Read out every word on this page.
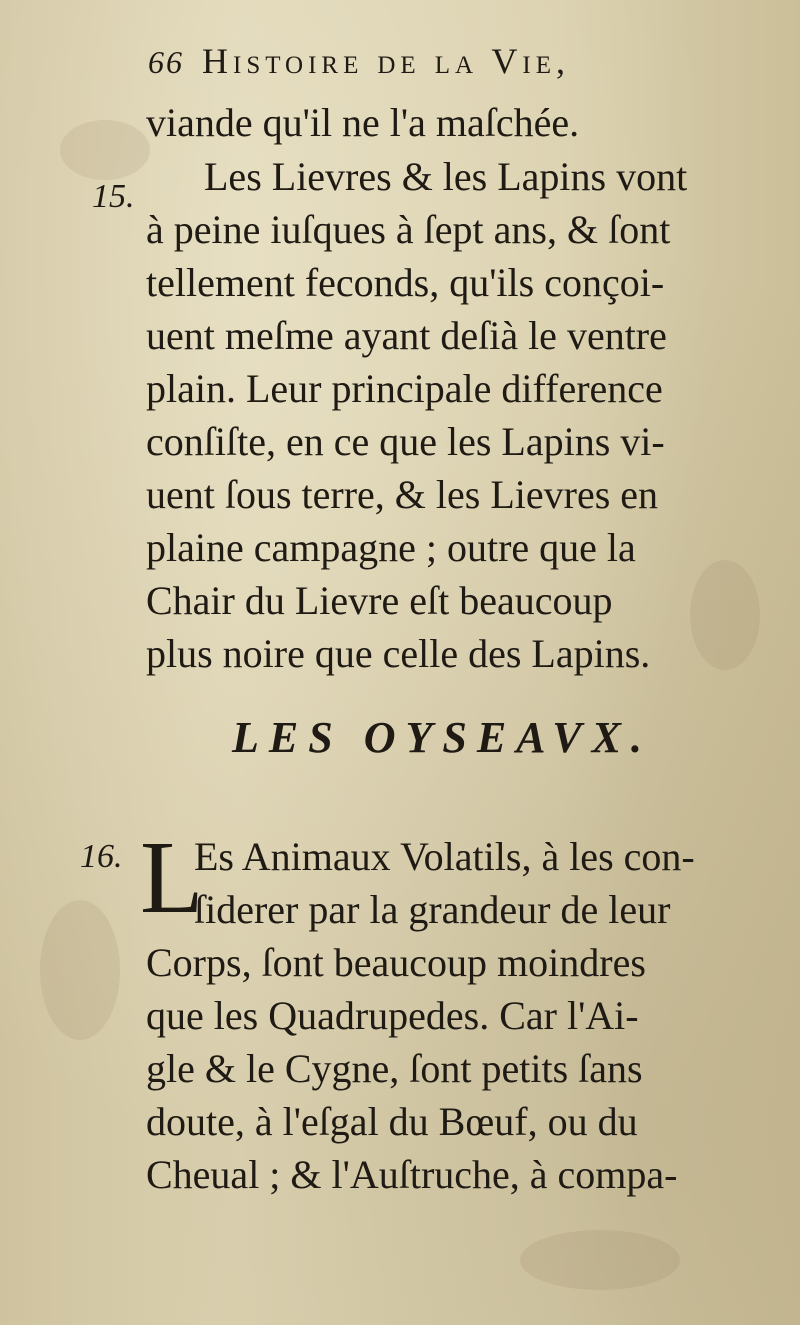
66 Histoire de la Vie,
viande qu'il ne l'a maſchée.
15. Les Lievres & les Lapins vont
à peine iuſques à ſept ans, & ſont
tellement feconds, qu'ils conçoi-
uent meſme ayant deſià le ventre
plain. Leur principale difference
conſiſte, en ce que les Lapins vi-
uent ſous terre, & les Lievres en
plaine campagne ; outre que la
Chair du Lievre eſt beaucoup
plus noire que celle des Lapins.
LES OYSEAVX.
16. L
Es Animaux Volatils, à les con-
ſiderer par la grandeur de leur
Corps, ſont beaucoup moindres
que les Quadrupedes. Car l'Ai-
gle & le Cygne, ſont petits ſans
doute, à l'eſgal du Bœuf, ou du
Cheual ; & l'Auſtruche, à compa-
